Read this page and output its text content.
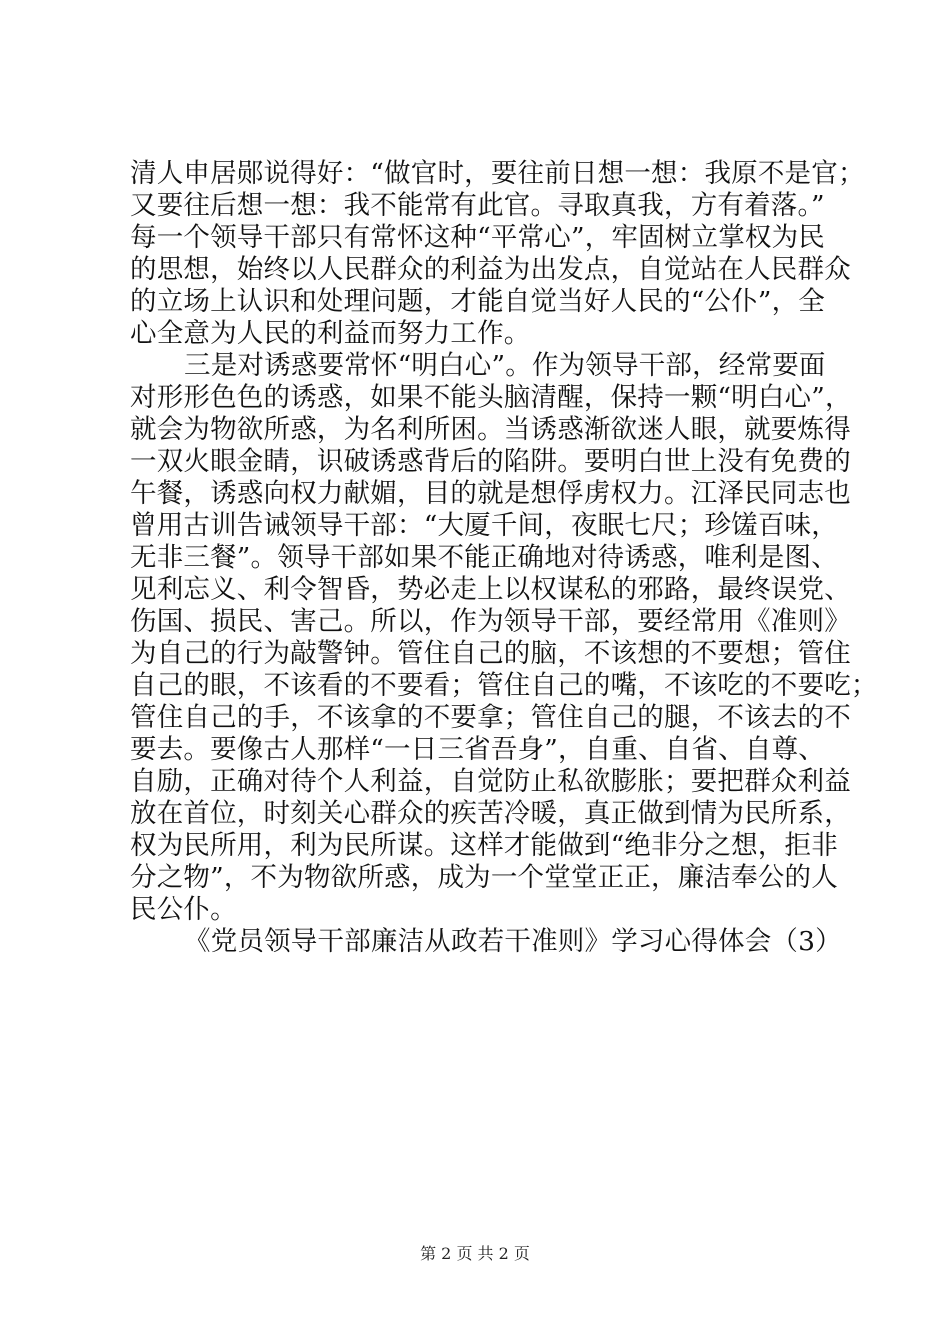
清人申居郧说得好：“做官时，要往前日想一想：我原不是官；
又要往后想一想：我不能常有此官。寻取真我，方有着落。”
每一个领导干部只有常怀这种“平常心”，牢固树立掌权为民
的思想，始终以人民群众的利益为出发点，自觉站在人民群众
的立场上认识和处理问题，才能自觉当好人民的“公仆”，全
心全意为人民的利益而努力工作。
三是对诱惑要常怀“明白心”。作为领导干部，经常要面
对形形色色的诱惑，如果不能头脑清醒，保持一颗“明白心”，
就会为物欲所惑，为名利所困。当诱惑渐欲迷人眼，就要炼得
一双火眼金睛，识破诱惑背后的陷阱。要明白世上没有免费的
午餐，诱惑向权力献媚，目的就是想俘虏权力。江泽民同志也
曾用古训告诫领导干部：“大厦千间，夜眠七尺；珍馐百味，
无非三餐”。领导干部如果不能正确地对待诱惑，唯利是图、
见利忘义、利令智昏，势必走上以权谋私的邪路，最终误党、
伤国、损民、害己。所以，作为领导干部，要经常用《准则》
为自己的行为敲警钟。管住自己的脑，不该想的不要想；管住
自己的眼，不该看的不要看；管住自己的嘴，不该吃的不要吃；
管住自己的手，不该拿的不要拿；管住自己的腿，不该去的不
要去。要像古人那样“一日三省吾身”，自重、自省、自尊、
自励，正确对待个人利益，自觉防止私欲膨胀；要把群众利益
放在首位，时刻关心群众的疾苦冷暖，真正做到情为民所系，
权为民所用，利为民所谋。这样才能做到“绝非分之想，拒非
分之物”，不为物欲所惑，成为一个堂堂正正，廉洁奉公的人
民公仆。
《党员领导干部廉洁从政若干准则》学习心得体会（3）
第 2 页 共 2 页
